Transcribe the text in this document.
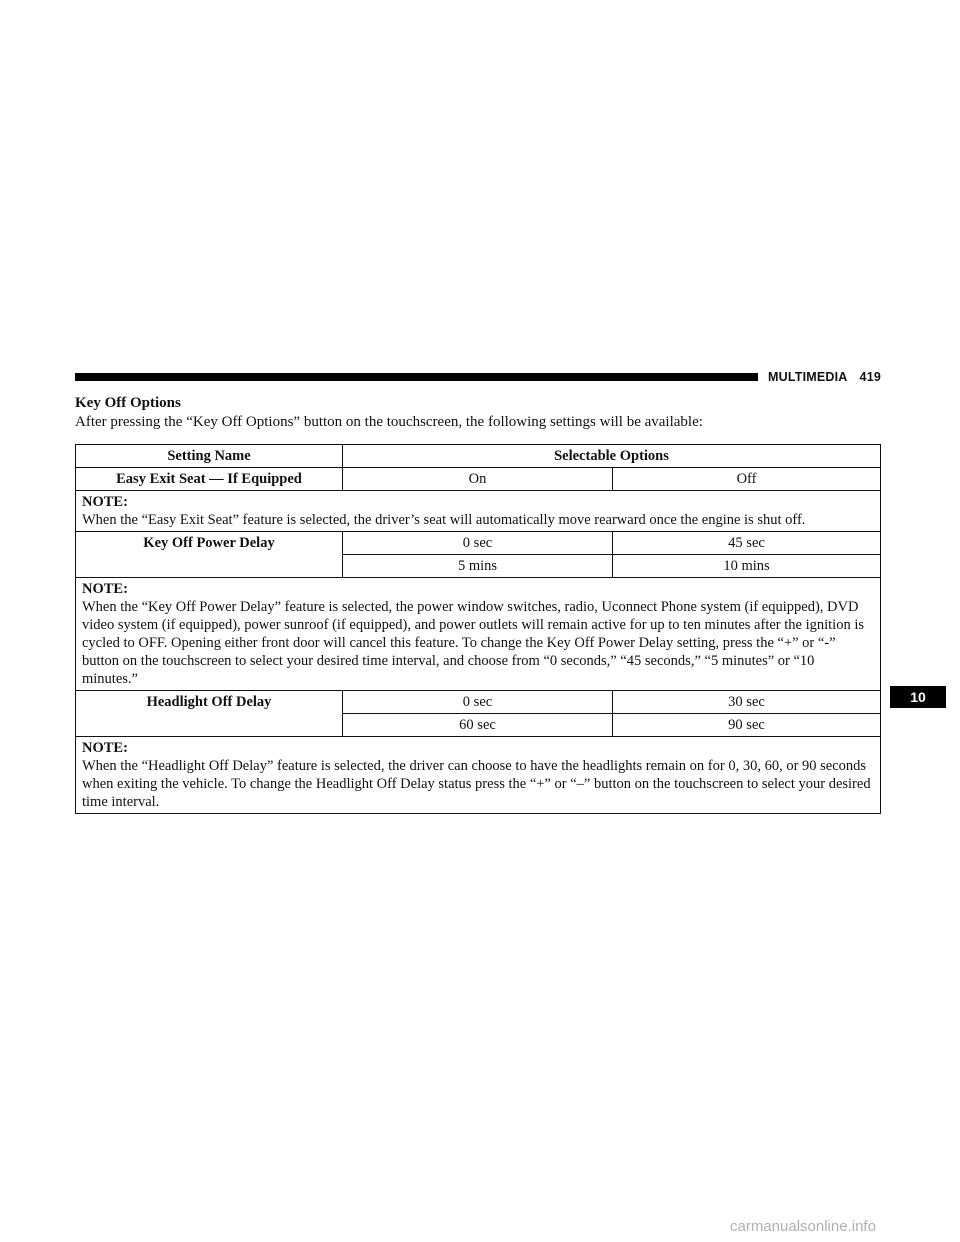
MULTIMEDIA 419
Key Off Options
After pressing the “Key Off Options” button on the touchscreen, the following settings will be available:
Setting Name	Selectable Options	
Easy Exit Seat — If Equipped	On	Off

NOTE:
When the “Easy Exit Seat” feature is selected, the driver’s seat will automatically move rearward once the engine is shut off.		

Key Off Power Delay	0 sec	45 sec
	5 mins	10 mins

NOTE:
When the “Key Off Power Delay” feature is selected, the power window switches, radio, Uconnect Phone system (if equipped), DVD video system (if equipped), power sunroof (if equipped), and power outlets will remain active for up to ten minutes after the ignition is cycled to OFF. Opening either front door will cancel this feature. To change the Key Off Power Delay setting, press the “+” or “-” button on the touchscreen to select your desired time interval, and choose from “0 seconds,” “45 seconds,” “5 minutes” or “10 minutes.”		

Headlight Off Delay	0 sec	30 sec
	60 sec	90 sec

NOTE:
When the “Headlight Off Delay” feature is selected, the driver can choose to have the headlights remain on for 0, 30, 60, or 90 seconds when exiting the vehicle. To change the Headlight Off Delay status press the “+” or “–” button on the touchscreen to select your desired time interval.		
10
carmanualsonline.info
